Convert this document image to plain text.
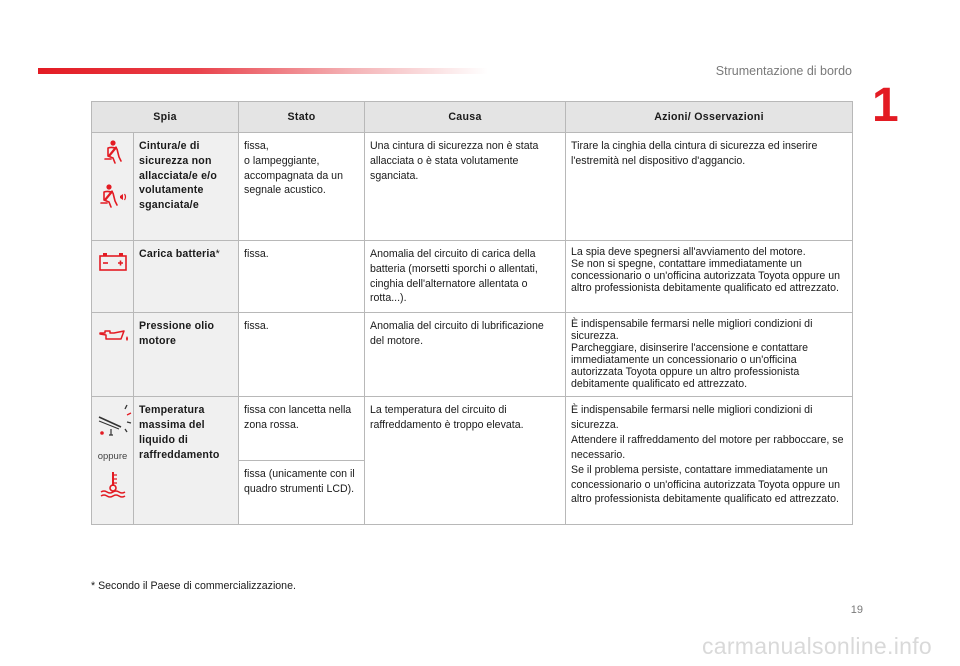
Strumentazione di bordo
1
Spia		Stato	Causa	Azioni/ Osservazioni

	Cintura/e di sicurezza non allacciata/e e/o volutamente sganciata/e	fissa,
o lampeggiante,
accompagnata da un segnale acustico.	Una cintura di sicurezza non è stata allacciata o è stata volutamente sganciata.	Tirare la cinghia della cintura di sicurezza ed inserire l'estremità nel dispositivo d'aggancio.

	Carica batteria*	fissa.	Anomalia del circuito di carica della batteria (morsetti sporchi o allentati, cinghia dell'alternatore allentata o rotta...).	La spia deve spegnersi all'avviamento del motore.
Se non si spegne, contattare immediatamente un concessionario o un'officina autorizzata Toyota oppure un altro professionista debitamente qualificato ed attrezzato.

	Pressione olio motore	fissa.	Anomalia del circuito di lubrificazione del motore.	È indispensabile fermarsi nelle migliori condizioni di sicurezza.
Parcheggiare, disinserire l'accensione e contattare immediatamente un concessionario o un'officina autorizzata Toyota oppure un altro professionista debitamente qualificato ed attrezzato.

oppure	Temperatura massima del liquido di raffreddamento	fissa con lancetta nella zona rossa.	La temperatura del circuito di raffreddamento è troppo elevata.	È indispensabile fermarsi nelle migliori condizioni di sicurezza.
Attendere il raffreddamento del motore per rabboccare, se necessario.
Se il problema persiste, contattare immediatamente un concessionario o un'officina autorizzata Toyota oppure un altro professionista debitamente qualificato ed attrezzato.
		fissa (unicamente con il quadro strumenti LCD).		
* Secondo il Paese di commercializzazione.
19
carmanualsonline.info
